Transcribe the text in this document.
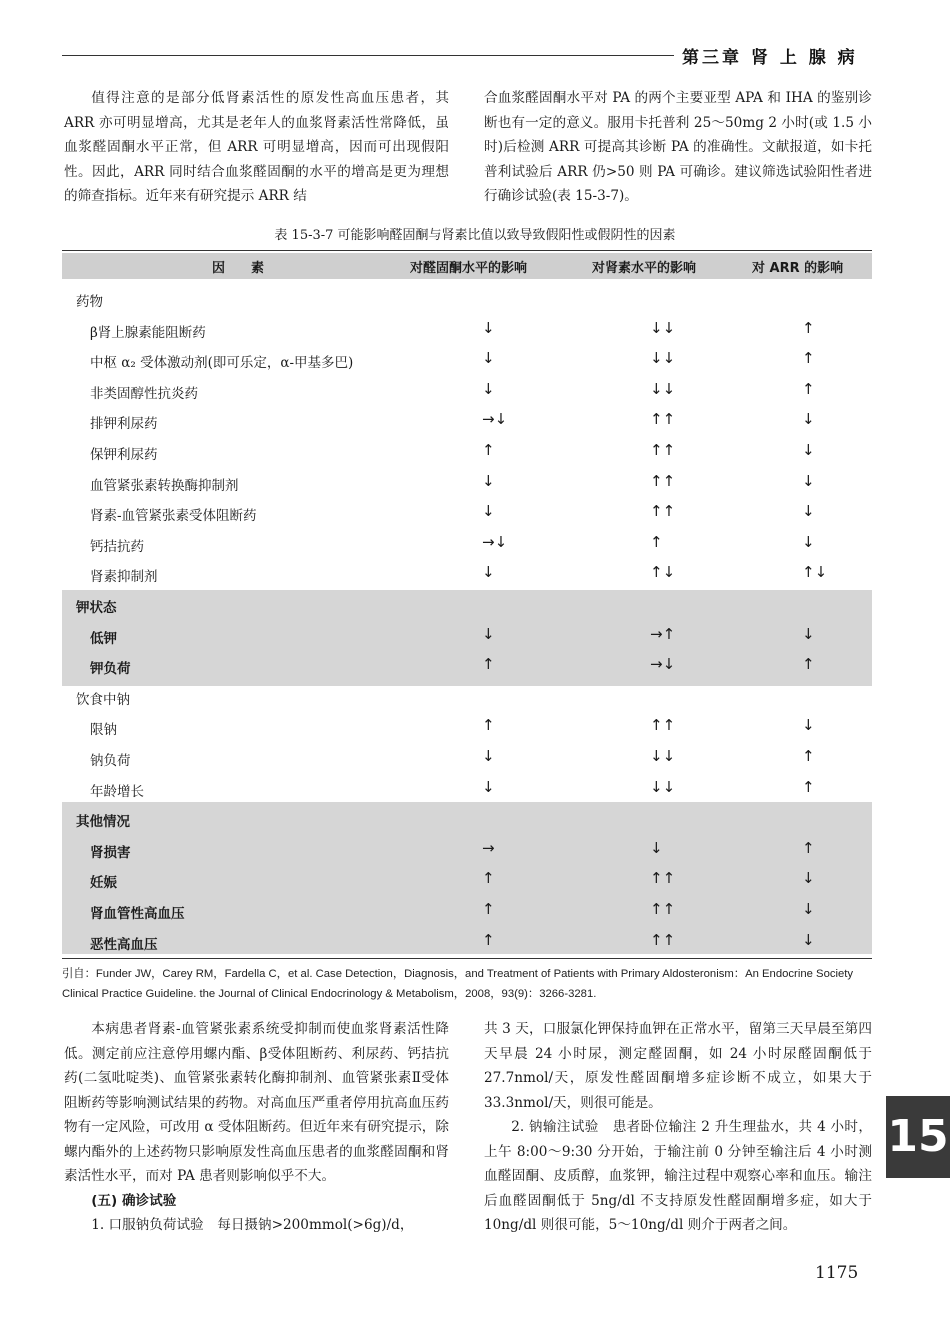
第三章 肾 上 腺 病

值得注意的是部分低肾素活性的原发性高血压患者，其 ARR 亦可明显增高，尤其是老年人的血浆肾素活性常降低，虽血浆醛固酮水平正常，但 ARR 可明显增高，因而可出现假阳性。因此，ARR 同时结合血浆醛固酮的水平的增高是更为理想的筛查指标。近年来有研究提示 ARR 结

合血浆醛固酮水平对 PA 的两个主要亚型 APA 和 IHA 的鉴别诊断也有一定的意义。服用卡托普利 25～50mg 2 小时(或 1.5 小时)后检测 ARR 可提高其诊断 PA 的准确性。文献报道，如卡托普利试验后 ARR 仍>50 则 PA 可确诊。建议筛选试验阳性者进行确诊试验(表 15-3-7)。

表 15-3-7 可能影响醛固酮与肾素比值以致导致假阳性或假阴性的因素
因　　素	对醛固酮水平的影响	对肾素水平的影响	对 ARR 的影响
药物
β肾上腺素能阻断药	↓	↓↓	↑
中枢 α₂ 受体激动剂(即可乐定，α-甲基多巴)	↓	↓↓	↑
非类固醇性抗炎药	↓	↓↓	↑
排钾利尿药	→↓	↑↑	↓
保钾利尿药	↑	↑↑	↓
血管紧张素转换酶抑制剂	↓	↑↑	↓
肾素-血管紧张素受体阻断药	↓	↑↑	↓
钙拮抗药	→↓	↑	↓
肾素抑制剂	↓	↑↓	↑↓
钾状态
低钾	↓	→↑	↓
钾负荷	↑	→↓	↑
饮食中钠
限钠	↑	↑↑	↓
钠负荷	↓	↓↓	↑
年龄增长	↓	↓↓	↑
其他情况
肾损害	→	↓	↑
妊娠	↑	↑↑	↓
肾血管性高血压	↑	↑↑	↓
恶性高血压	↑	↑↑	↓
引自：Funder JW，Carey RM，Fardella C，et al. Case Detection，Diagnosis，and Treatment of Patients with Primary Aldosteronism：An Endocrine Society Clinical Practice Guideline. the Journal of Clinical Endocrinology & Metabolism，2008，93(9)：3266-3281.

本病患者肾素-血管紧张素系统受抑制而使血浆肾素活性降低。测定前应注意停用螺内酯、β受体阻断药、利尿药、钙拮抗药(二氢吡啶类)、血管紧张素转化酶抑制剂、血管紧张素Ⅱ受体阻断药等影响测试结果的药物。对高血压严重者停用抗高血压药物有一定风险，可改用 α 受体阻断药。但近年来有研究提示，除螺内酯外的上述药物只影响原发性高血压患者的血浆醛固酮和肾素活性水平，而对 PA 患者则影响似乎不大。

(五) 确诊试验

1. 口服钠负荷试验　每日摄钠>200mmol(>6g)/d，

共 3 天，口服氯化钾保持血钾在正常水平，留第三天早晨至第四天早晨 24 小时尿，测定醛固酮，如 24 小时尿醛固酮低于 27.7nmol/天，原发性醛固酮增多症诊断不成立，如果大于 33.3nmol/天，则很可能是。

2. 钠输注试验　患者卧位输注 2 升生理盐水，共 4 小时，上午 8:00～9:30 分开始，于输注前 0 分钟至输注后 4 小时测血醛固酮、皮质醇，血浆钾，输注过程中观察心率和血压。输注后血醛固酮低于 5ng/dl 不支持原发性醛固酮增多症，如大于 10ng/dl 则很可能，5～10ng/dl 则介于两者之间。

15
1175
